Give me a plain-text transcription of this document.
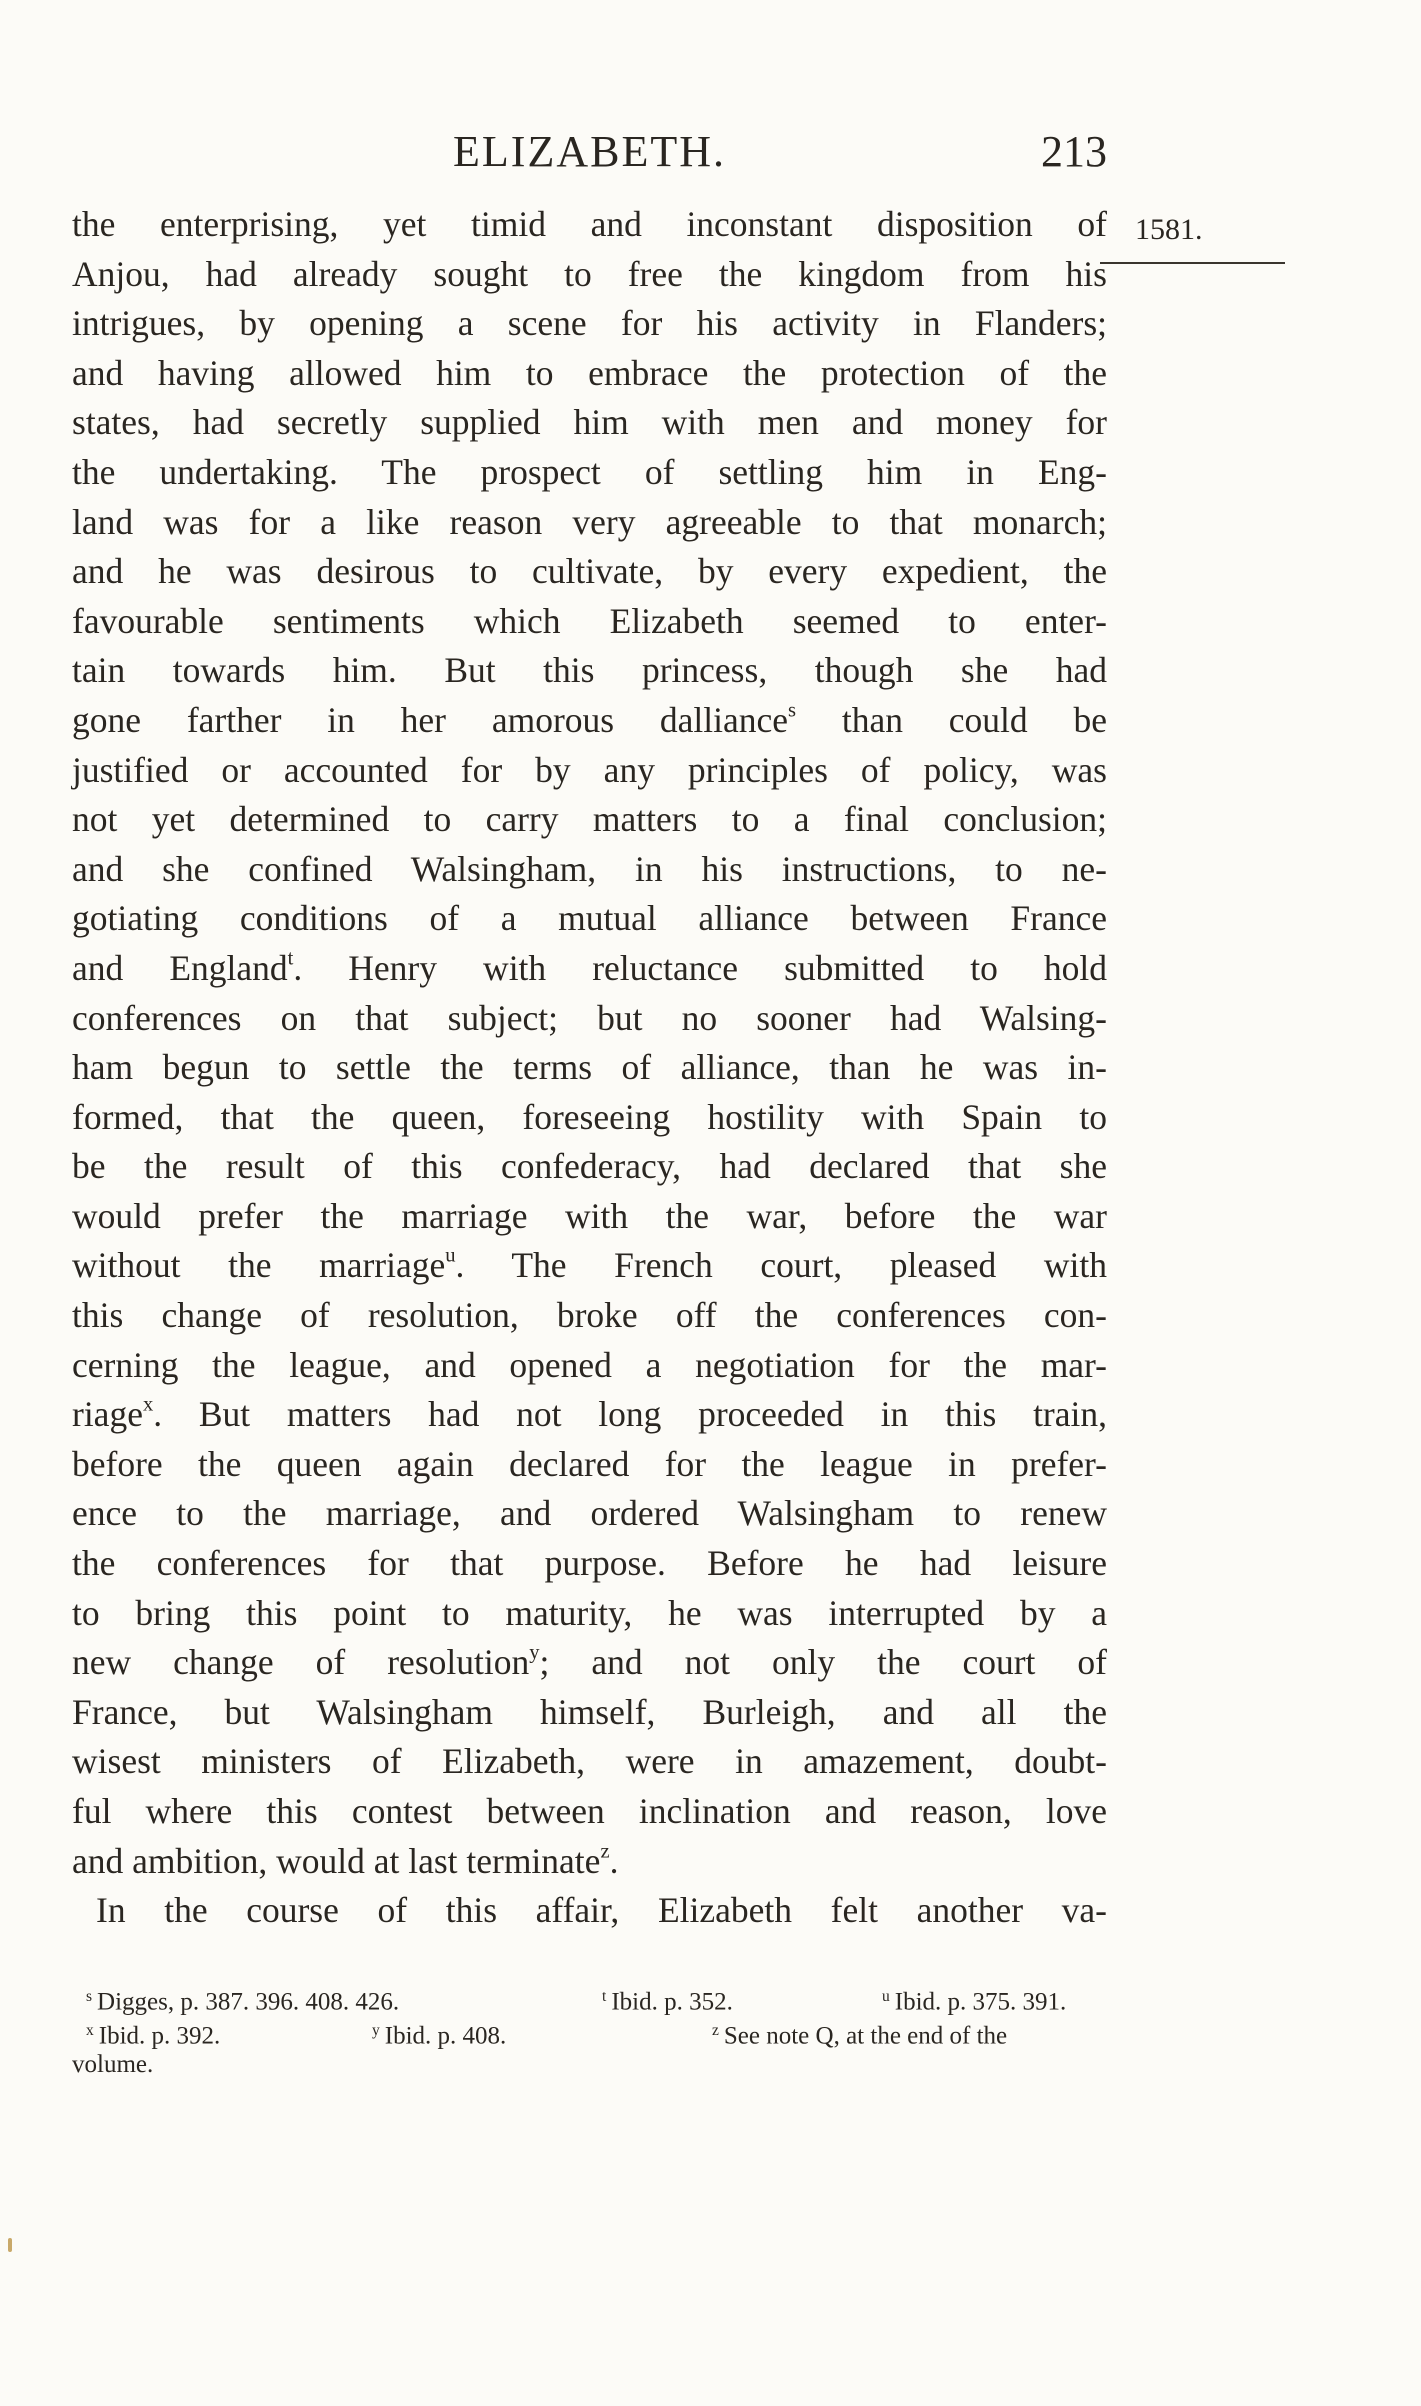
ELIZABETH.	213
1581.
the enterprising, yet timid and inconstant disposition of
Anjou, had already sought to free the kingdom from his
intrigues, by opening a scene for his activity in Flanders;
and having allowed him to embrace the protection of the
states, had secretly supplied him with men and money for
the undertaking. The prospect of settling him in Eng-
land was for a like reason very agreeable to that monarch;
and he was desirous to cultivate, by every expedient, the
favourable sentiments which Elizabeth seemed to enter-
tain towards him. But this princess, though she had
gone farther in her amorous dalliance$^s$ than could be
justified or accounted for by any principles of policy, was
not yet determined to carry matters to a final conclusion;
and she confined Walsingham, in his instructions, to ne-
gotiating conditions of a mutual alliance between France
and England$^t$. Henry with reluctance submitted to hold
conferences on that subject; but no sooner had Walsing-
ham begun to settle the terms of alliance, than he was in-
formed, that the queen, foreseeing hostility with Spain to
be the result of this confederacy, had declared that she
would prefer the marriage with the war, before the war
without the marriage$^u$. The French court, pleased with
this change of resolution, broke off the conferences con-
cerning the league, and opened a negotiation for the mar-
riage$^x$. But matters had not long proceeded in this train,
before the queen again declared for the league in prefer-
ence to the marriage, and ordered Walsingham to renew
the conferences for that purpose. Before he had leisure
to bring this point to maturity, he was interrupted by a
new change of resolution$^y$; and not only the court of
France, but Walsingham himself, Burleigh, and all the
wisest ministers of Elizabeth, were in amazement, doubt-
ful where this contest between inclination and reason, love
and ambition, would at last terminate$^z$.
In the course of this affair, Elizabeth felt another va-
$^s$ Digges, p. 387. 396. 408. 426.	$^t$ Ibid. p. 352.	$^u$ Ibid. p. 375. 391.
$^x$ Ibid. p. 392.	$^y$ Ibid. p. 408.	$^z$ See note Q, at the end of the
volume.
